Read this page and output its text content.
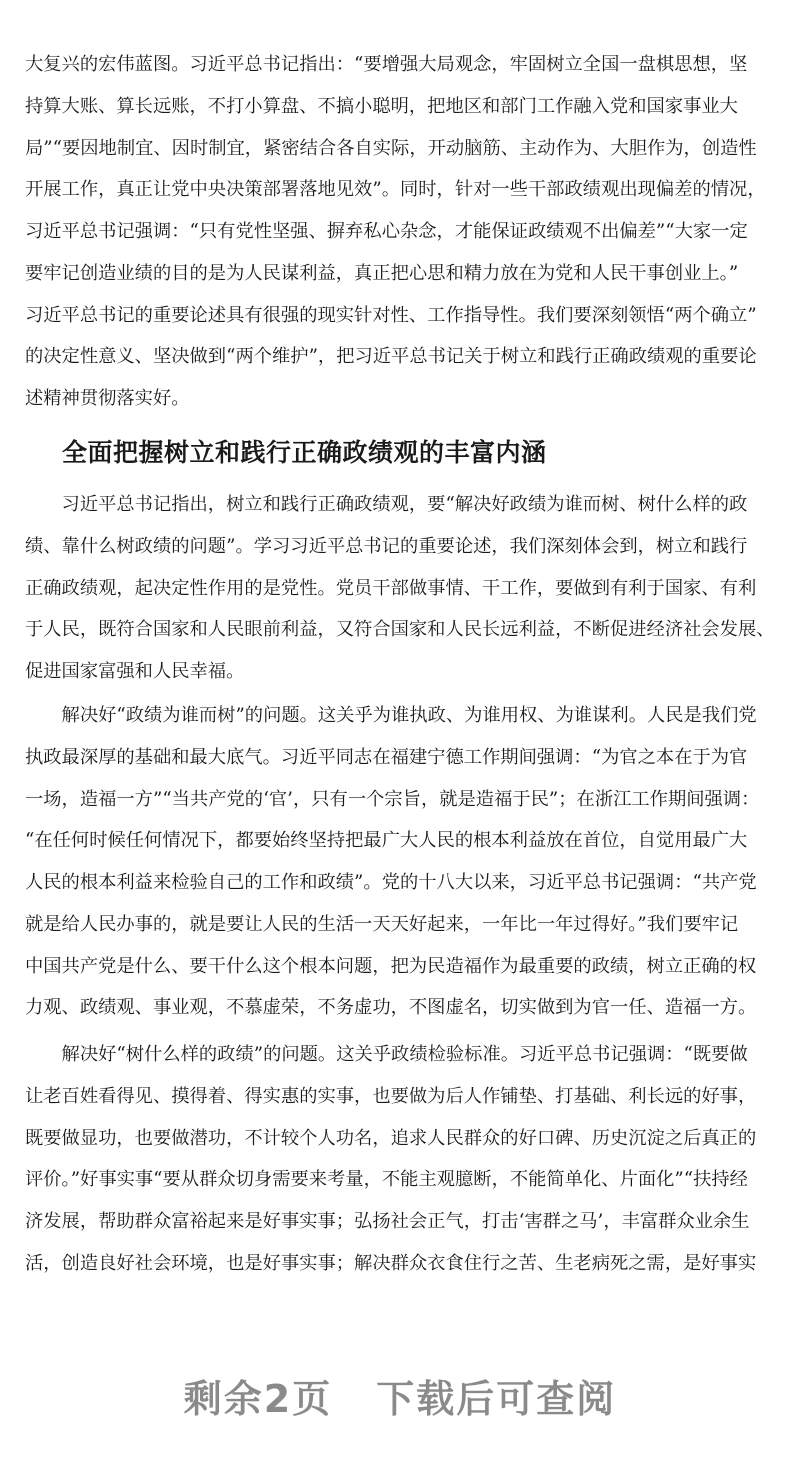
大复兴的宏伟蓝图。习近平总书记指出：“要增强大局观念，牢固树立全国一盘棋思想，坚
持算大账、算长远账，不打小算盘、不搞小聪明，把地区和部门工作融入党和国家事业大
局”“要因地制宜、因时制宜，紧密结合各自实际，开动脑筋、主动作为、大胆作为，创造性
开展工作，真正让党中央决策部署落地见效”。同时，针对一些干部政绩观出现偏差的情况，
习近平总书记强调：“只有党性坚强、摒弃私心杂念，才能保证政绩观不出偏差”“大家一定
要牢记创造业绩的目的是为人民谋利益，真正把心思和精力放在为党和人民干事创业上。”
习近平总书记的重要论述具有很强的现实针对性、工作指导性。我们要深刻领悟“两个确立”
的决定性意义、坚决做到“两个维护”，把习近平总书记关于树立和践行正确政绩观的重要论
述精神贯彻落实好。
全面把握树立和践行正确政绩观的丰富内涵
　　习近平总书记指出，树立和践行正确政绩观，要“解决好政绩为谁而树、树什么样的政
绩、靠什么树政绩的问题”。学习习近平总书记的重要论述，我们深刻体会到，树立和践行
正确政绩观，起决定性作用的是党性。党员干部做事情、干工作，要做到有利于国家、有利
于人民，既符合国家和人民眼前利益，又符合国家和人民长远利益，不断促进经济社会发展、
促进国家富强和人民幸福。
　　解决好“政绩为谁而树”的问题。这关乎为谁执政、为谁用权、为谁谋利。人民是我们党
执政最深厚的基础和最大底气。习近平同志在福建宁德工作期间强调：“为官之本在于为官
一场，造福一方”“当共产党的‘官’，只有一个宗旨，就是造福于民”；在浙江工作期间强调：
“在任何时候任何情况下，都要始终坚持把最广大人民的根本利益放在首位，自觉用最广大
人民的根本利益来检验自己的工作和政绩”。党的十八大以来，习近平总书记强调：“共产党
就是给人民办事的，就是要让人民的生活一天天好起来，一年比一年过得好。”我们要牢记
中国共产党是什么、要干什么这个根本问题，把为民造福作为最重要的政绩，树立正确的权
力观、政绩观、事业观，不慕虚荣，不务虚功，不图虚名，切实做到为官一任、造福一方。
　　解决好“树什么样的政绩”的问题。这关乎政绩检验标准。习近平总书记强调：“既要做
让老百姓看得见、摸得着、得实惠的实事，也要做为后人作铺垫、打基础、利长远的好事，
既要做显功，也要做潜功，不计较个人功名，追求人民群众的好口碑、历史沉淀之后真正的
评价。”好事实事“要从群众切身需要来考量，不能主观臆断，不能简单化、片面化”“扶持经
济发展，帮助群众富裕起来是好事实事；弘扬社会正气，打击‘害群之马’，丰富群众业余生
活，创造良好社会环境，也是好事实事；解决群众衣食住行之苦、生老病死之需，是好事实
剩余2页 下载后可查阅
